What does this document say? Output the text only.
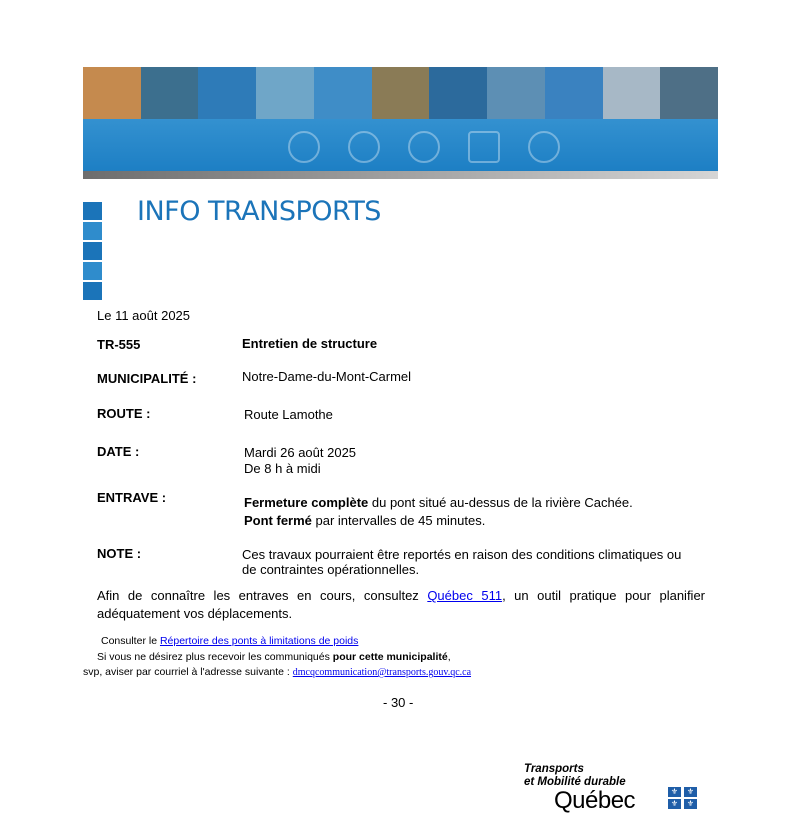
INFO TRANSPORTS
Le 11 août 2025
TR-555	Entretien de structure
MUNICIPALITÉ :	Notre-Dame-du-Mont-Carmel
ROUTE :	Route Lamothe
DATE :	Mardi 26 août 2025
De 8 h à midi
ENTRAVE :	Fermeture complète du pont situé au-dessus de la rivière Cachée.
Pont fermé par intervalles de 45 minutes.
NOTE :	Ces travaux pourraient être reportés en raison des conditions climatiques ou
de contraintes opérationnelles.

Afin de connaître les entraves en cours, consultez Québec 511, un outil pratique pour planifier adéquatement vos déplacements.

Consulter le Répertoire des ponts à limitations de poids
Si vous ne désirez plus recevoir les communiqués pour cette municipalité,
svp, aviser par courriel à l'adresse suivante : dmcqcommunication@transports.gouv.qc.ca
- 30 -
Transports
et Mobilité durable
Québec	⚜	⚜
⚜	⚜
